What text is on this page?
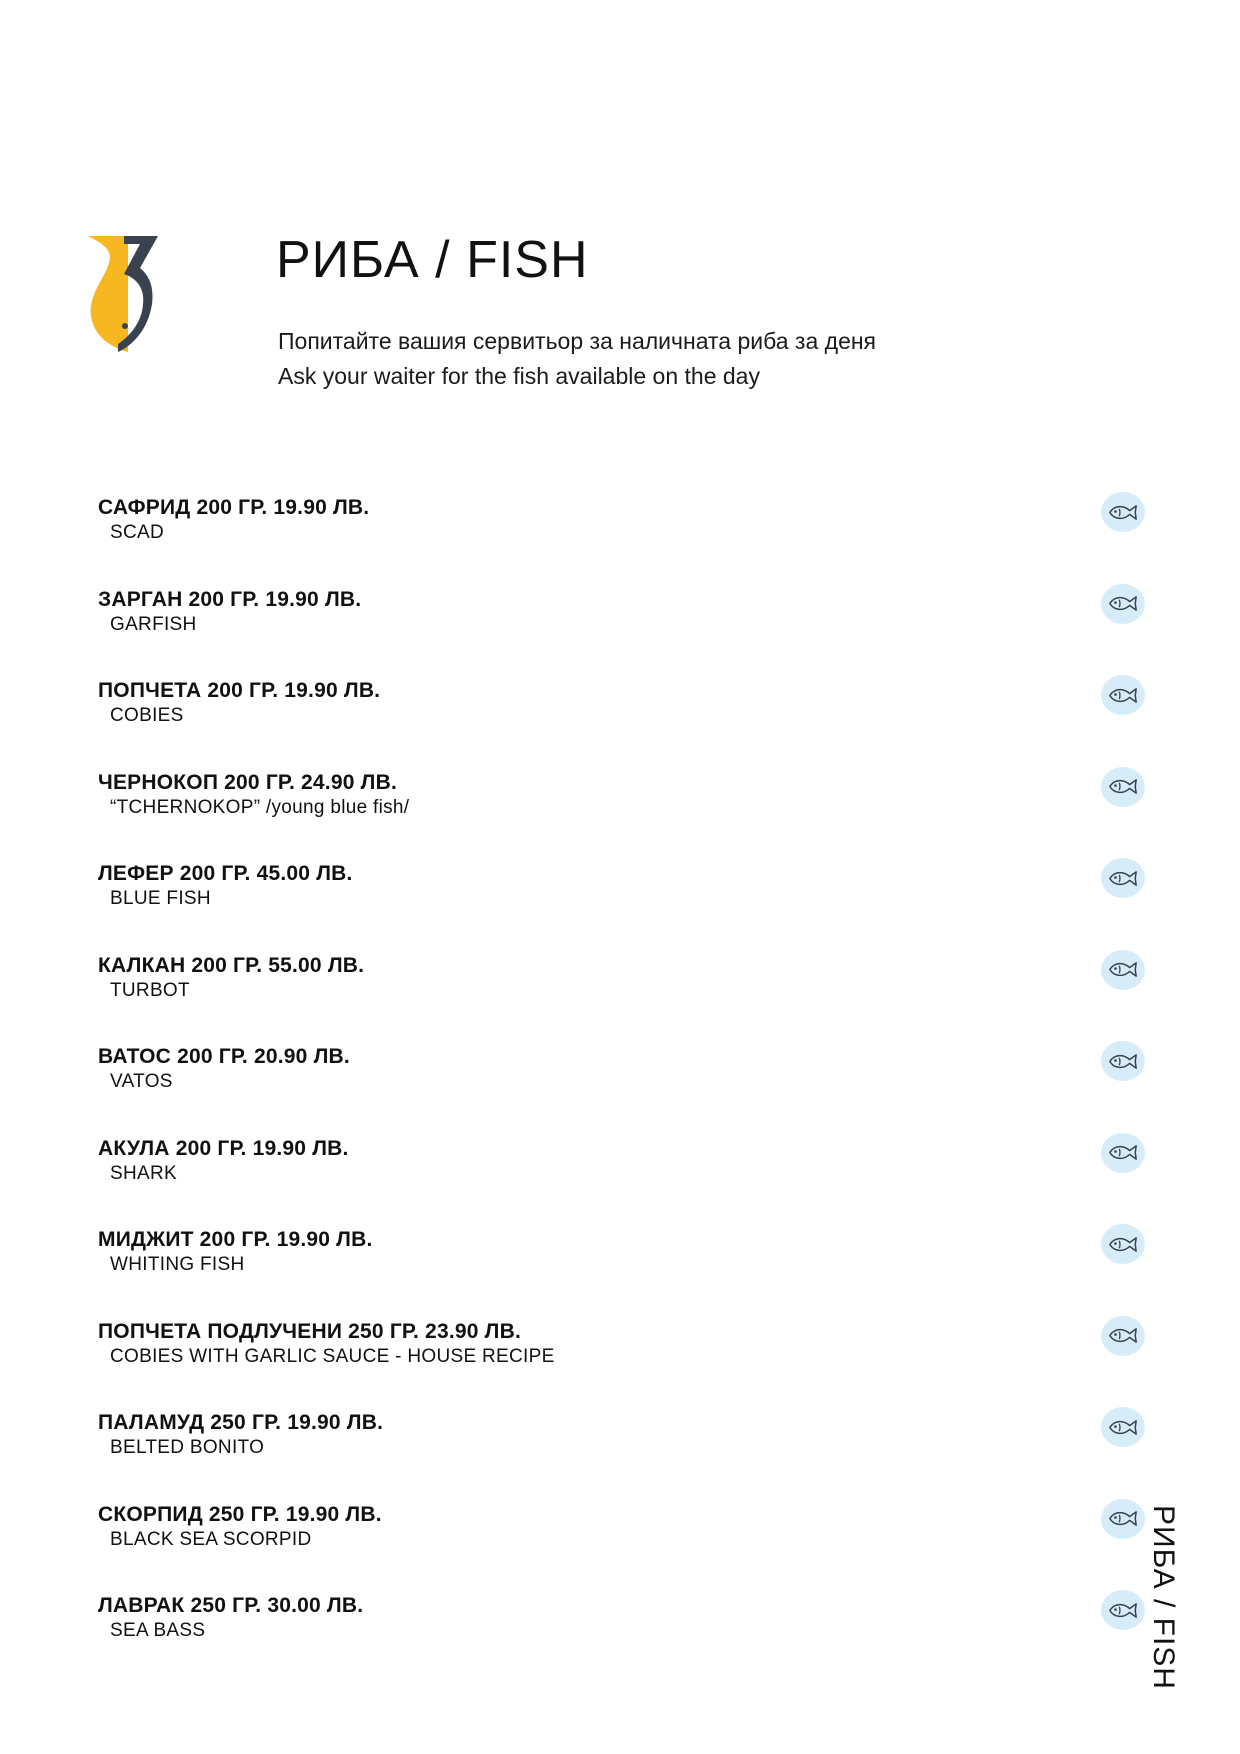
РИБА / FISH
Попитайте вашия сервитьор за наличната риба за деня
Ask your waiter for the fish available on the day
САФРИД 200 ГР. 19.90 ЛВ.
SCAD
ЗАРГАН 200 ГР. 19.90 ЛВ.
GARFISH
ПОПЧЕТА 200 ГР. 19.90 ЛВ.
COBIES
ЧЕРНОКОП 200 ГР. 24.90 ЛВ.
“TCHERNOKOP” /young blue fish/
ЛЕФЕР 200 ГР. 45.00 ЛВ.
BLUE FISH
КАЛКАН 200 ГР. 55.00 ЛВ.
TURBOT
ВАТОС 200 ГР. 20.90 ЛВ.
VATOS
АКУЛА 200 ГР. 19.90 ЛВ.
SHARK
МИДЖИТ 200 ГР. 19.90 ЛВ.
WHITING FISH
ПОПЧЕТА ПОДЛУЧЕНИ 250 ГР. 23.90 ЛВ.
COBIES WITH GARLIC SAUCE - HOUSE RECIPE
ПАЛАМУД 250 ГР. 19.90 ЛВ.
BELTED BONITO
СКОРПИД 250 ГР. 19.90 ЛВ.
BLACK SEA SCORPID
ЛАВРАК 250 ГР. 30.00 ЛВ.
SEA BASS	РИБА / FISH
